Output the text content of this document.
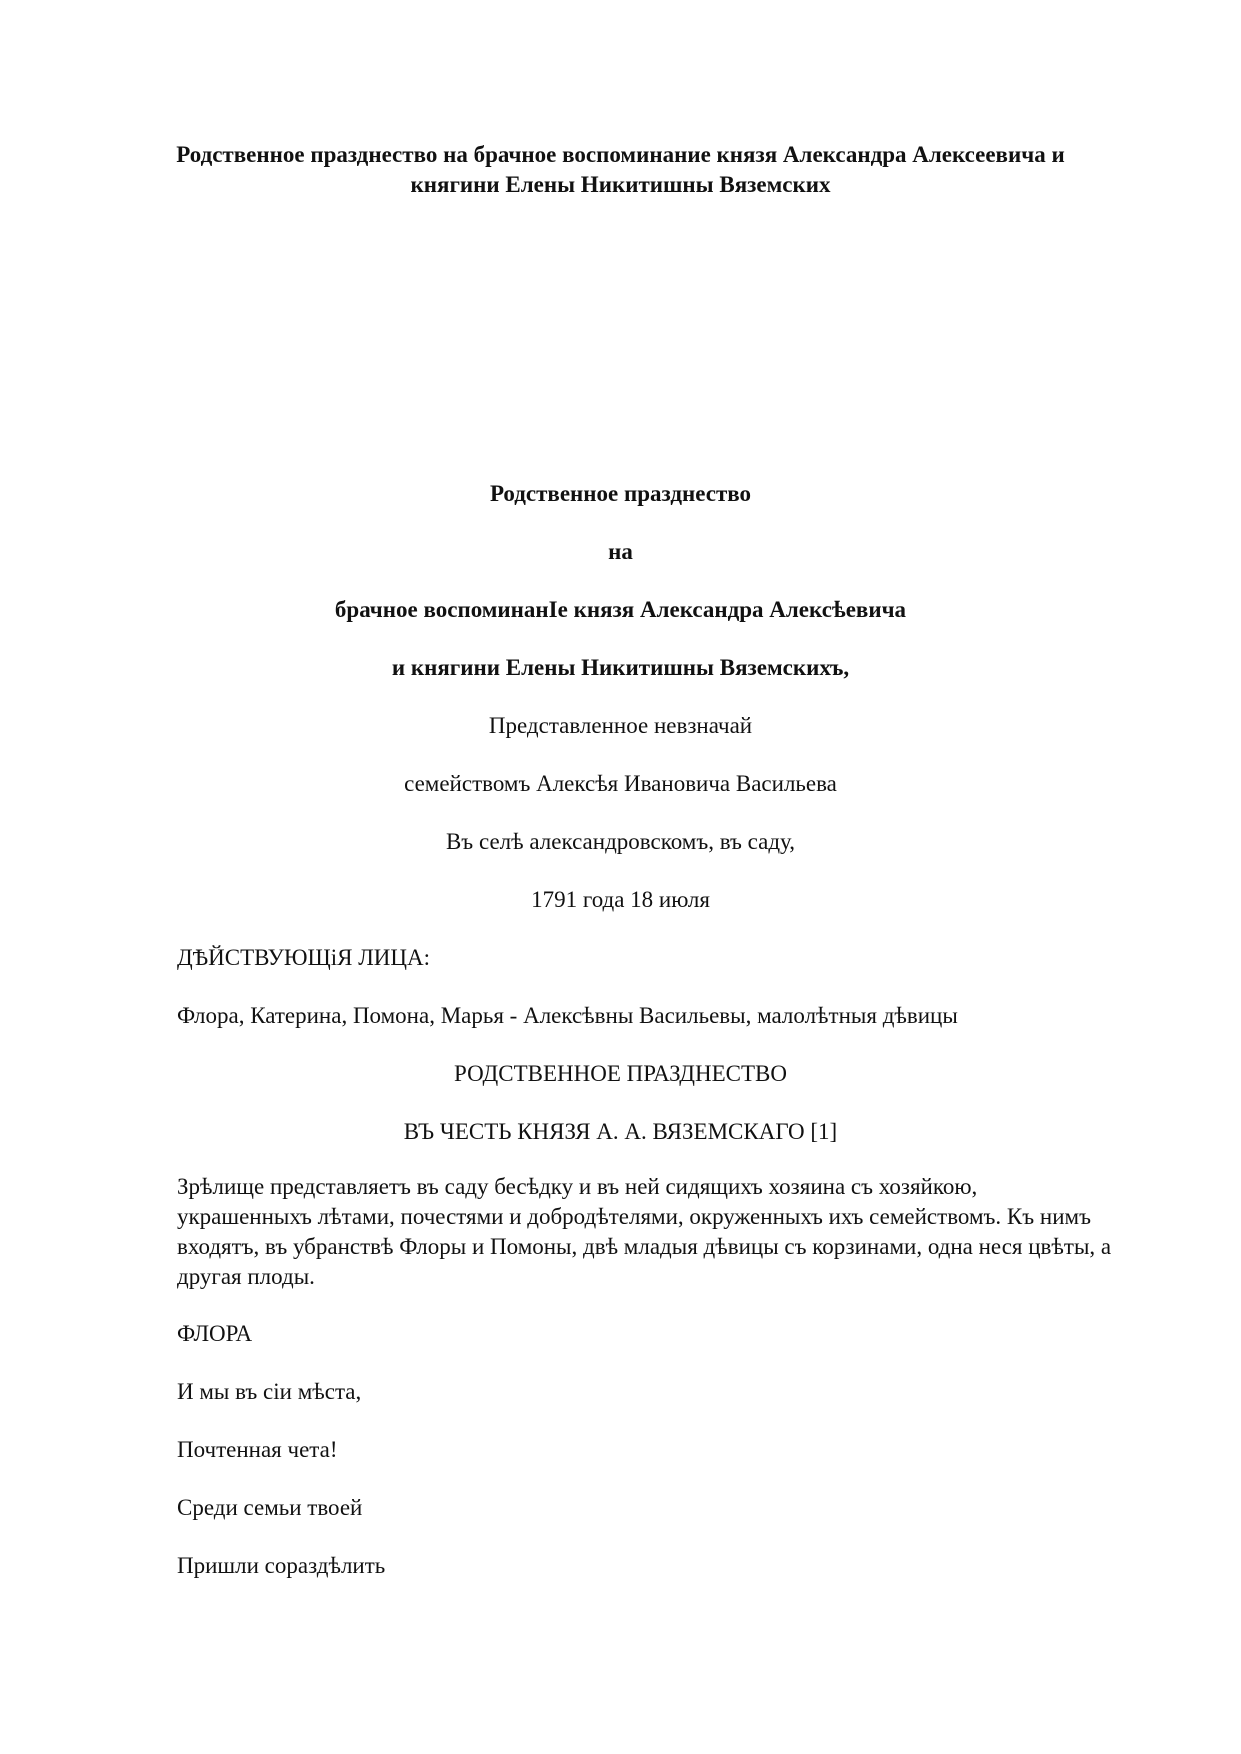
Родственное празднество на брачное воспоминание князя Александра Алексеевича и княгини Елены Никитишны Вяземских
Родственное празднество
на
брачное воспоминанIе князя Александра Алексѣевича
и княгини Елены Никитишны Вяземскихъ,
Представленное невзначай
семействомъ Алексѣя Ивановича Васильева
Въ селѣ александровскомъ, въ саду,
1791 года 18 июля
ДѢЙСТВУЮЩіЯ ЛИЦА:
Флора, Катерина, Помона, Марья - Алексѣвны Васильевы, малолѣтныя дѣвицы
РОДСТВЕННОЕ ПРАЗДНЕСТВО
ВЪ ЧЕСТЬ КНЯЗЯ А. А. ВЯЗЕМСКАГО [1]
Зрѣлище представляетъ въ саду бесѣдку и въ ней сидящихъ хозяина съ хозяйкою, украшенныхъ лѣтами, почестями и добродѣтелями, окруженныхъ ихъ семействомъ. Къ нимъ входятъ, въ убранствѣ Флоры и Помоны, двѣ младыя дѣвицы съ корзинами, одна неся цвѣты, а другая плоды.
ФЛОРА
И мы въ сіи мѣста,
Почтенная чета!
Среди семьи твоей
Пришли сораздѣлить
